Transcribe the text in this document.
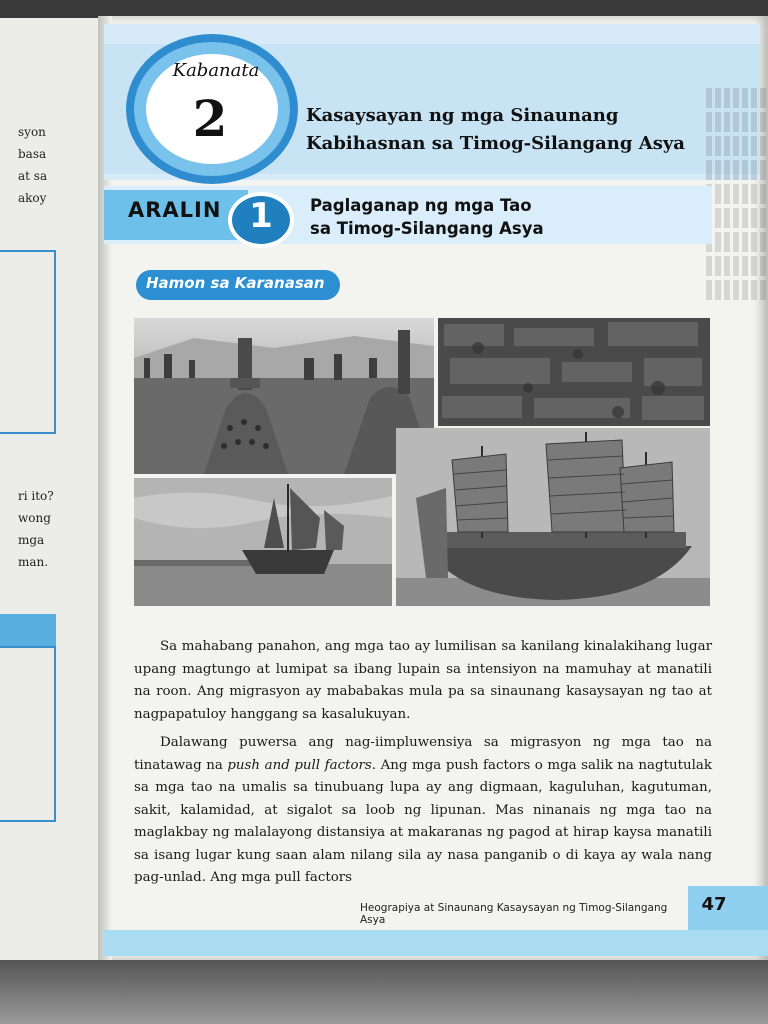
syon
basa
at sa
akoy
ri ito?
wong
mga
man.
Kabanata
2	Kasaysayan ng mga Sinaunang
Kabihasnan sa Timog-Silangang Asya
ARALIN 1 Paglaganap ng mga Tao
sa Timog-Silangang Asya
Hamon sa Karanasan

Sa mahabang panahon, ang mga tao ay lumilisan sa kanilang kinalakihang lugar upang magtungo at lumipat sa ibang lupain sa intensiyon na mamuhay at manatili na roon. Ang migrasyon ay mababakas mula pa sa sinaunang kasaysayan ng tao at nagpapatuloy hanggang sa kasalukuyan.

Dalawang puwersa ang nag-iimpluwensiya sa migrasyon ng mga tao na tinatawag na push and pull factors. Ang mga push factors o mga salik na nagtutulak sa mga tao na umalis sa tinubuang lupa ay ang digmaan, kaguluhan, kagutuman, sakit, kalamidad, at sigalot sa loob ng lipunan. Mas ninanais ng mga tao na maglakbay ng malalayong distansiya at makaranas ng pagod at hirap kaysa manatili sa isang lugar kung saan alam nilang sila ay nasa panganib o di kaya ay wala nang pag-unlad. Ang mga pull factors

Heograpiya at Sinaunang Kasaysayan ng Timog-Silangang Asya
47
